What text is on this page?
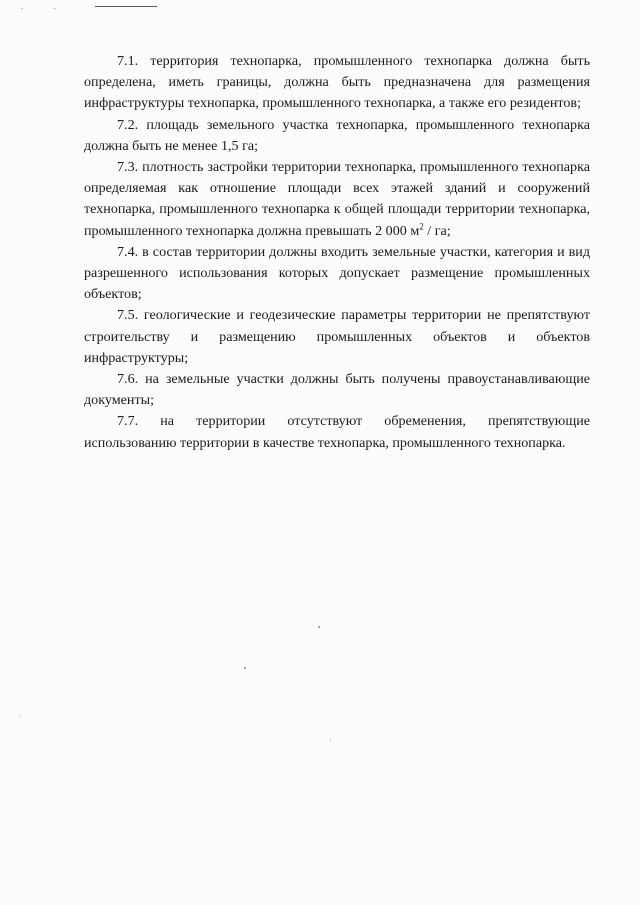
- -

7.1. территория технопарка, промышленного технопарка должна быть определена, иметь границы, должна быть предназначена для размещения инфраструктуры технопарка, промышленного технопарка, а также его резидентов;

7.2. площадь земельного участка технопарка, промышленного технопарка должна быть не менее 1,5 га;

7.3. плотность застройки территории технопарка, промышленного технопарка определяемая как отношение площади всех этажей зданий и сооружений технопарка, промышленного технопарка к общей площади территории технопарка, промышленного технопарка должна превышать 2 000 $м^2$ / га;

7.4. в состав территории должны входить земельные участки, категория и вид разрешенного использования которых допускает размещение промышленных объектов;

7.5. геологические и геодезические параметры территории не препятствуют строительству и размещению промышленных объектов и объектов инфраструктуры;

7.6. на земельные участки должны быть получены правоустанавливающие документы;

7.7. на территории отсутствуют обременения, препятствующие использованию территории в качестве технопарка, промышленного технопарка.
